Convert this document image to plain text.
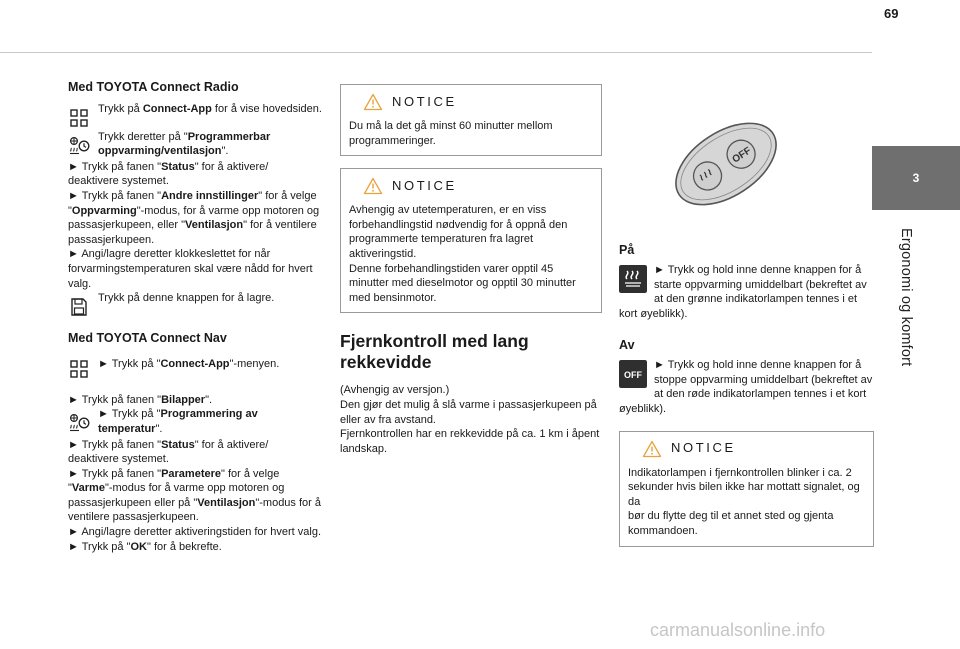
69
3
Ergonomi og komfort
Med TOYOTA Connect Radio
Trykk på Connect-App for å vise hovedsiden.
Trykk deretter på "Programmerbar oppvarming/ventilasjon".

► Trykk på fanen "Status" for å aktivere/ deaktivere systemet.

► Trykk på fanen "Andre innstillinger" for å velge "Oppvarming"-modus, for å varme opp motoren og passasjerkupeen, eller "Ventilasjon" for å ventilere passasjerkupeen.

► Angi/lagre deretter klokkeslettet for når forvarmingstemperaturen skal være nådd for hvert valg.

Trykk på denne knappen for å lagre.
Med TOYOTA Connect Nav
► Trykk på "Connect-App"-menyen.

► Trykk på fanen "Bilapper".

► Trykk på "Programmering av temperatur".

► Trykk på fanen "Status" for å aktivere/ deaktivere systemet.

► Trykk på fanen "Parametere" for å velge "Varme"-modus for å varme opp motoren og passasjerkupeen eller på "Ventilasjon"-modus for å ventilere passasjerkupeen.

► Angi/lagre deretter aktiveringstiden for hvert valg.

► Trykk på "OK" for å bekrefte.

NOTICE

Du må la det gå minst 60 minutter mellom programmeringer.

NOTICE

Avhengig av utetemperaturen, er en viss forbehandlingstid nødvendig for å oppnå den programmerte temperaturen fra lagret aktiveringstid.

Denne forbehandlingstiden varer opptil 45 minutter med dieselmotor og opptil 30 minutter med bensinmotor.

Fjernkontroll med lang rekkevidde

(Avhengig av versjon.)

Den gjør det mulig å slå varme i passasjerkupeen på eller av fra avstand.

Fjernkontrollen har en rekkevidde på ca. 1 km i åpent landskap.

OFF
På
► Trykk og hold inne denne knappen for å starte oppvarming umiddelbart (bekreftet av at den grønne indikatorlampen tennes i et kort øyeblikk).
Av
OFF
► Trykk og hold inne denne knappen for å stoppe oppvarming umiddelbart (bekreftet av at den røde indikatorlampen tennes i et kort øyeblikk).
NOTICE

Indikatorlampen i fjernkontrollen blinker i ca. 2 sekunder hvis bilen ikke har mottatt signalet, og da

bør du flytte deg til et annet sted og gjenta kommandoen.

carmanualsonline.info
